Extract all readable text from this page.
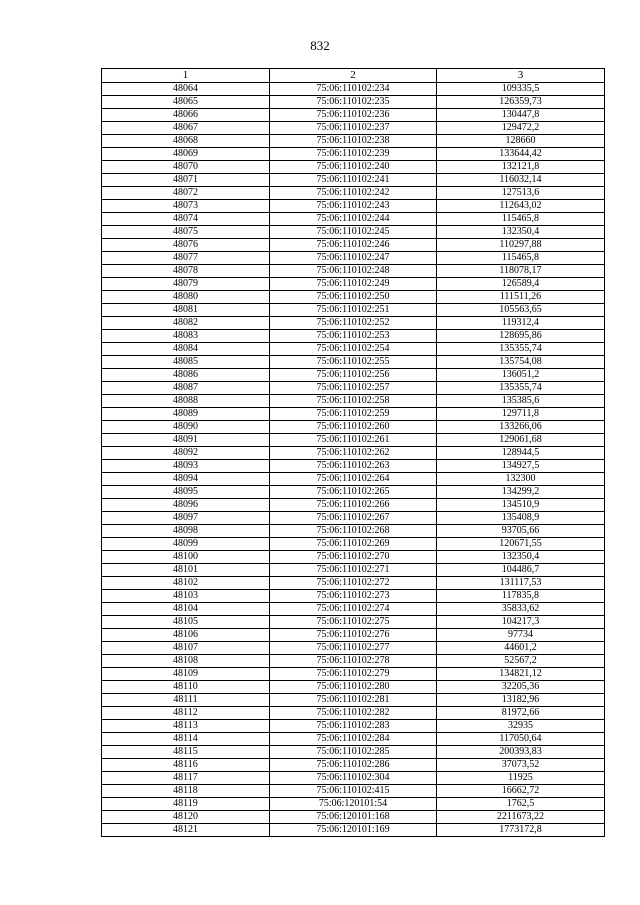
832
1	2	3
48064	75:06:110102:234	109335,5
48065	75:06:110102:235	126359,73
48066	75:06:110102:236	130447,8
48067	75:06:110102:237	129472,2
48068	75:06:110102:238	128660
48069	75:06:110102:239	133644,42
48070	75:06:110102:240	132121,8
48071	75:06:110102:241	116032,14
48072	75:06:110102:242	127513,6
48073	75:06:110102:243	112643,02
48074	75:06:110102:244	115465,8
48075	75:06:110102:245	132350,4
48076	75:06:110102:246	110297,88
48077	75:06:110102:247	115465,8
48078	75:06:110102:248	118078,17
48079	75:06:110102:249	126589,4
48080	75:06:110102:250	111511,26
48081	75:06:110102:251	105563,65
48082	75:06:110102:252	119312,4
48083	75:06:110102:253	128695,86
48084	75:06:110102:254	135355,74
48085	75:06:110102:255	135754,08
48086	75:06:110102:256	136051,2
48087	75:06:110102:257	135355,74
48088	75:06:110102:258	135385,6
48089	75:06:110102:259	129711,8
48090	75:06:110102:260	133266,06
48091	75:06:110102:261	129061,68
48092	75:06:110102:262	128944,5
48093	75:06:110102:263	134927,5
48094	75:06:110102:264	132300
48095	75:06:110102:265	134299,2
48096	75:06:110102:266	134510,9
48097	75:06:110102:267	135408,9
48098	75:06:110102:268	93705,66
48099	75:06:110102:269	120671,55
48100	75:06:110102:270	132350,4
48101	75:06:110102:271	104486,7
48102	75:06:110102:272	131117,53
48103	75:06:110102:273	117835,8
48104	75:06:110102:274	35833,62
48105	75:06:110102:275	104217,3
48106	75:06:110102:276	97734
48107	75:06:110102:277	44601,2
48108	75:06:110102:278	52567,2
48109	75:06:110102:279	134821,12
48110	75:06:110102:280	32205,36
48111	75:06:110102:281	13182,96
48112	75:06:110102:282	81972,66
48113	75:06:110102:283	32935
48114	75:06:110102:284	117050,64
48115	75:06:110102:285	200393,83
48116	75:06:110102:286	37073,52
48117	75:06:110102:304	11925
48118	75:06:110102:415	16662,72
48119	75:06:120101:54	1762,5
48120	75:06:120101:168	2211673,22
48121	75:06:120101:169	1773172,8
